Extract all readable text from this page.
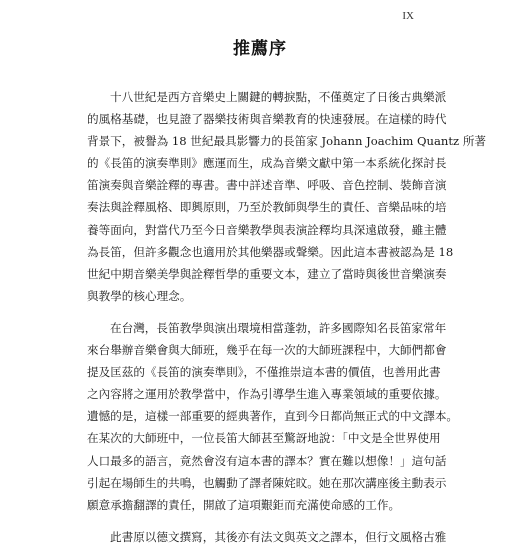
IX
推薦序
十八世紀是西方音樂史上關鍵的轉捩點，不僅奠定了日後古典樂派
的風格基礎，也見證了器樂技術與音樂教育的快速發展。在這樣的時代
背景下，被譽為 18 世紀最具影響力的長笛家 Johann Joachim Quantz 所著
的《長笛的演奏準則》應運而生，成為音樂文獻中第一本系統化探討長
笛演奏與音樂詮釋的專書。書中詳述音準、呼吸、音色控制、裝飾音演
奏法與詮釋風格、即興原則，乃至於教師與學生的責任、音樂品味的培
養等面向，對當代乃至今日音樂教學與表演詮釋均具深遠啟發，雖主體
為長笛，但許多觀念也適用於其他樂器或聲樂。因此這本書被認為是 18
世紀中期音樂美學與詮釋哲學的重要文本，建立了當時與後世音樂演奏
與教學的核心理念。
在台灣，長笛教學與演出環境相當蓬勃，許多國際知名長笛家常年
來台舉辦音樂會與大師班，幾乎在每一次的大師班課程中，大師們都會
提及匡茲的《長笛的演奏準則》，不僅推崇這本書的價值，也善用此書
之內容將之運用於教學當中，作為引導學生進入專業領域的重要依據。
遺憾的是，這樣一部重要的經典著作，直到今日都尚無正式的中文譯本。
在某次的大師班中，一位長笛大師甚至驚訝地說：「中文是全世界使用
人口最多的語言，竟然會沒有這本書的譯本？實在難以想像！」這句話
引起在場師生的共鳴，也觸動了譯者陳姹旼。她在那次講座後主動表示
願意承擔翻譯的責任，開啟了這項艱鉅而充滿使命感的工作。
此書原以德文撰寫，其後亦有法文與英文之譯本，但行文風格古雅
